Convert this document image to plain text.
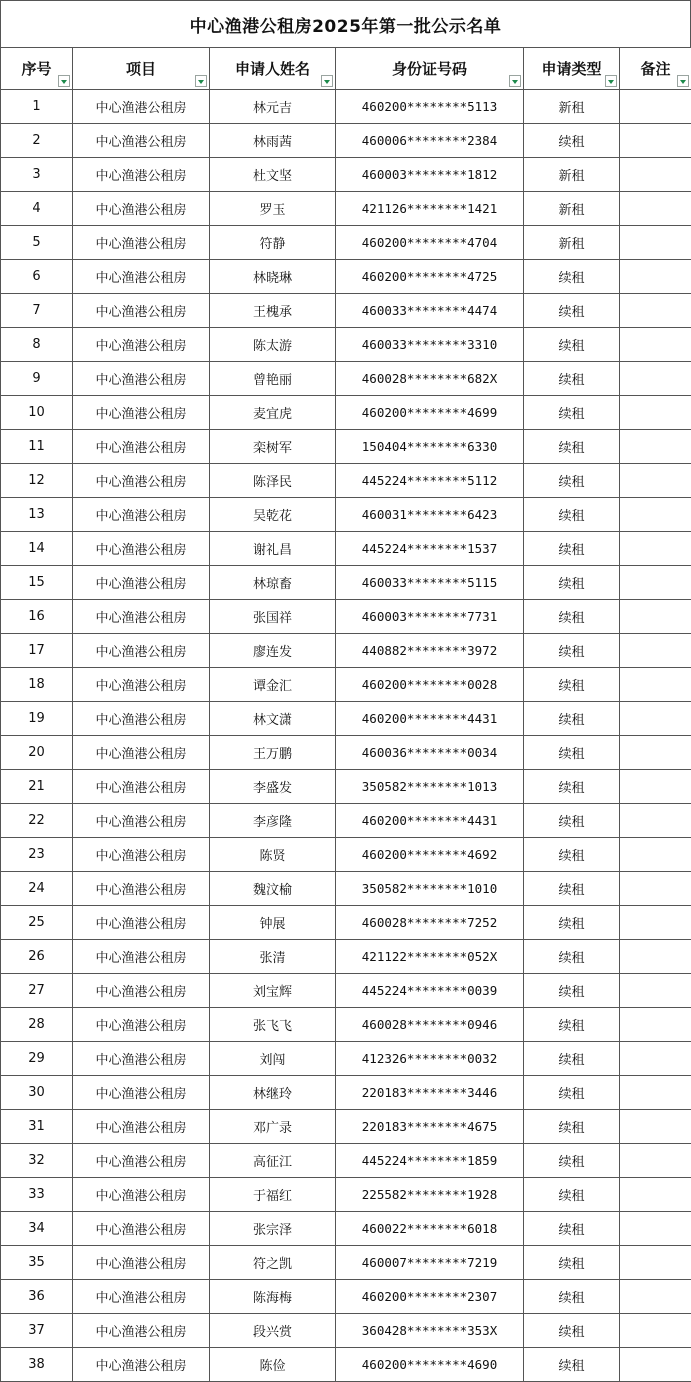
中心渔港公租房2025年第一批公示名单
序号	项目	申请人姓名	身份证号码	申请类型	备注

1	中心渔港公租房	林元吉	460200********5113	新租	
2	中心渔港公租房	林雨茜	460006********2384	续租	
3	中心渔港公租房	杜文坚	460003********1812	新租	
4	中心渔港公租房	罗玉	421126********1421	新租	
5	中心渔港公租房	符静	460200********4704	新租	
6	中心渔港公租房	林晓琳	460200********4725	续租	
7	中心渔港公租房	王槐承	460033********4474	续租	
8	中心渔港公租房	陈太游	460033********3310	续租	
9	中心渔港公租房	曾艳丽	460028********682X	续租	
10	中心渔港公租房	麦宜虎	460200********4699	续租	
11	中心渔港公租房	栾树军	150404********6330	续租	
12	中心渔港公租房	陈泽民	445224********5112	续租	
13	中心渔港公租房	吴乾花	460031********6423	续租	
14	中心渔港公租房	谢礼昌	445224********1537	续租	
15	中心渔港公租房	林琼畜	460033********5115	续租	
16	中心渔港公租房	张国祥	460003********7731	续租	
17	中心渔港公租房	廖连发	440882********3972	续租	
18	中心渔港公租房	谭金汇	460200********0028	续租	
19	中心渔港公租房	林文潇	460200********4431	续租	
20	中心渔港公租房	王万鹏	460036********0034	续租	
21	中心渔港公租房	李盛发	350582********1013	续租	
22	中心渔港公租房	李彦隆	460200********4431	续租	
23	中心渔港公租房	陈贤	460200********4692	续租	
24	中心渔港公租房	魏汶榆	350582********1010	续租	
25	中心渔港公租房	钟展	460028********7252	续租	
26	中心渔港公租房	张清	421122********052X	续租	
27	中心渔港公租房	刘宝辉	445224********0039	续租	
28	中心渔港公租房	张飞飞	460028********0946	续租	
29	中心渔港公租房	刘闯	412326********0032	续租	
30	中心渔港公租房	林继玲	220183********3446	续租	
31	中心渔港公租房	邓广录	220183********4675	续租	
32	中心渔港公租房	高征江	445224********1859	续租	
33	中心渔港公租房	于福红	225582********1928	续租	
34	中心渔港公租房	张宗泽	460022********6018	续租	
35	中心渔港公租房	符之凯	460007********7219	续租	
36	中心渔港公租房	陈海梅	460200********2307	续租	
37	中心渔港公租房	段兴赏	360428********353X	续租	
38	中心渔港公租房	陈俭	460200********4690	续租	
